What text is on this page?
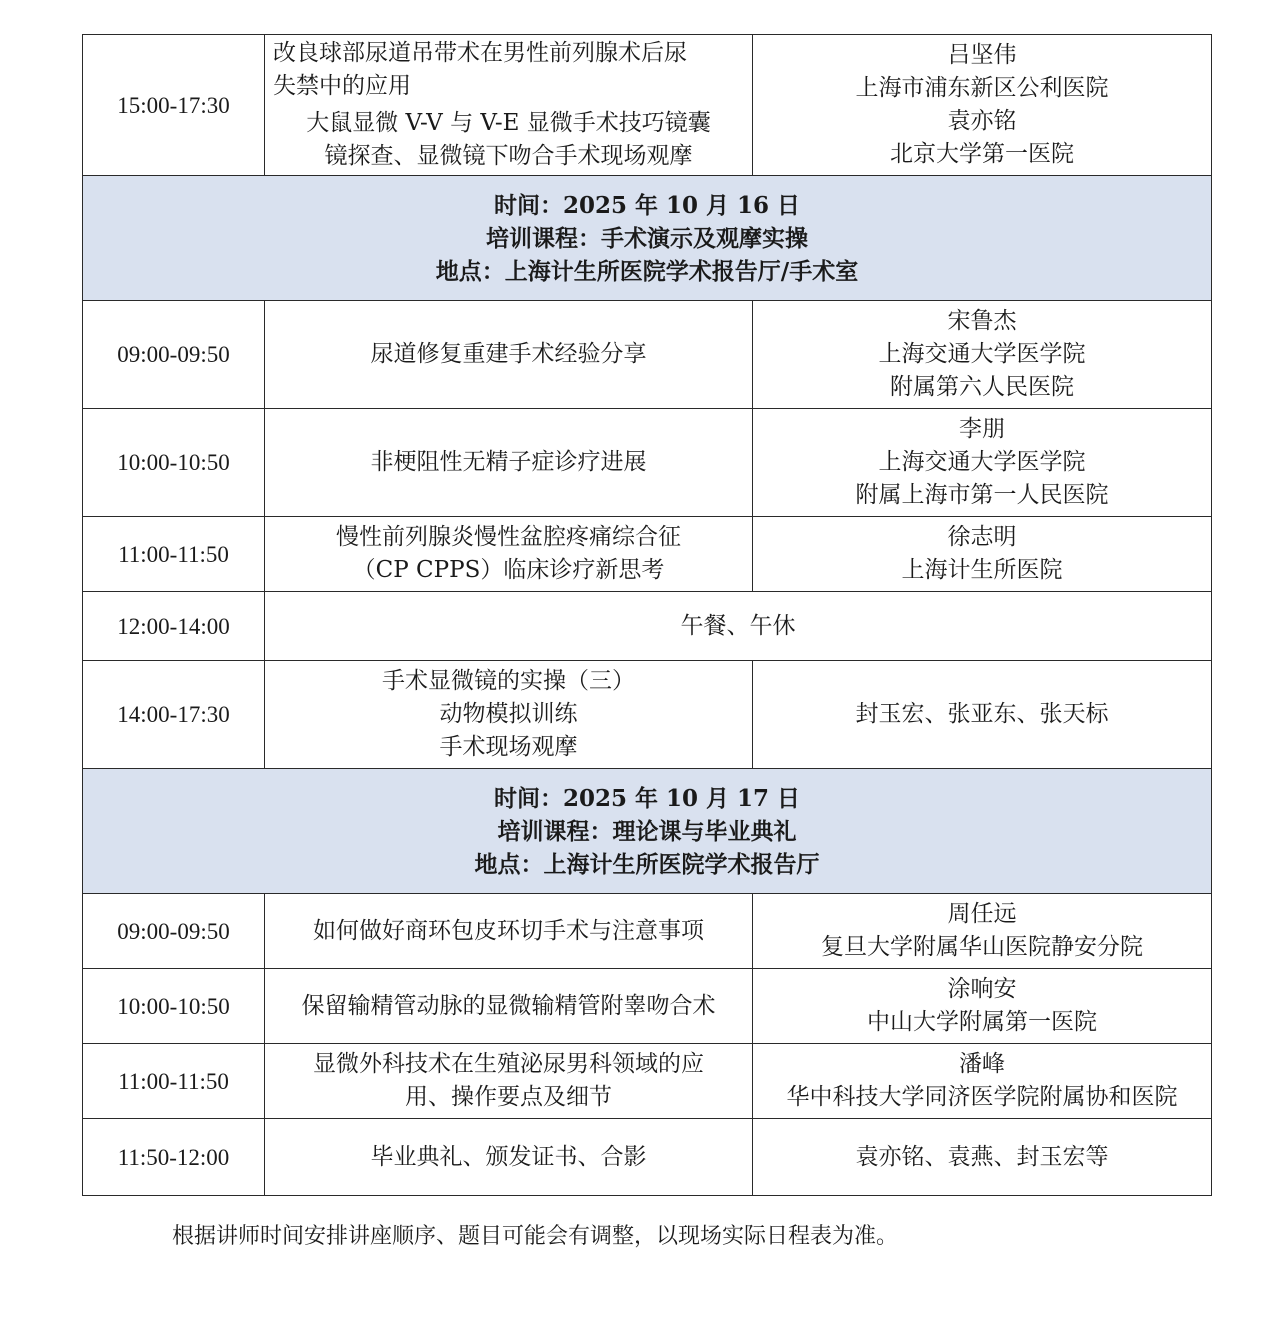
15:00-17:30	改良球部尿道吊带术在男性前列腺术后尿
失禁中的应用
大鼠显微 V-V 与 V-E 显微手术技巧镜囊
镜探查、显微镜下吻合手术现场观摩	吕坚伟
上海市浦东新区公利医院
袁亦铭
北京大学第一医院

时间：2025 年 10 月 16 日
培训课程：手术演示及观摩实操
地点：上海计生所医院学术报告厅/手术室		

09:00-09:50	尿道修复重建手术经验分享	宋鲁杰
上海交通大学医学院
附属第六人民医院

10:00-10:50	非梗阻性无精子症诊疗进展	李朋
上海交通大学医学院
附属上海市第一人民医院

11:00-11:50	慢性前列腺炎慢性盆腔疼痛综合征
（CP CPPS）临床诊疗新思考	徐志明
上海计生所医院

12:00-14:00	午餐、午休	
14:00-17:30	手术显微镜的实操（三）
动物模拟训练
手术现场观摩	封玉宏、张亚东、张天标

时间：2025 年 10 月 17 日
培训课程：理论课与毕业典礼
地点：上海计生所医院学术报告厅		

09:00-09:50	如何做好商环包皮环切手术与注意事项	周任远
复旦大学附属华山医院静安分院

10:00-10:50	保留输精管动脉的显微输精管附睾吻合术	涂响安
中山大学附属第一医院

11:00-11:50	显微外科技术在生殖泌尿男科领域的应
用、操作要点及细节	潘峰
华中科技大学同济医学院附属协和医院

11:50-12:00	毕业典礼、颁发证书、合影	袁亦铭、袁燕、封玉宏等
根据讲师时间安排讲座顺序、题目可能会有调整，以现场实际日程表为准。
